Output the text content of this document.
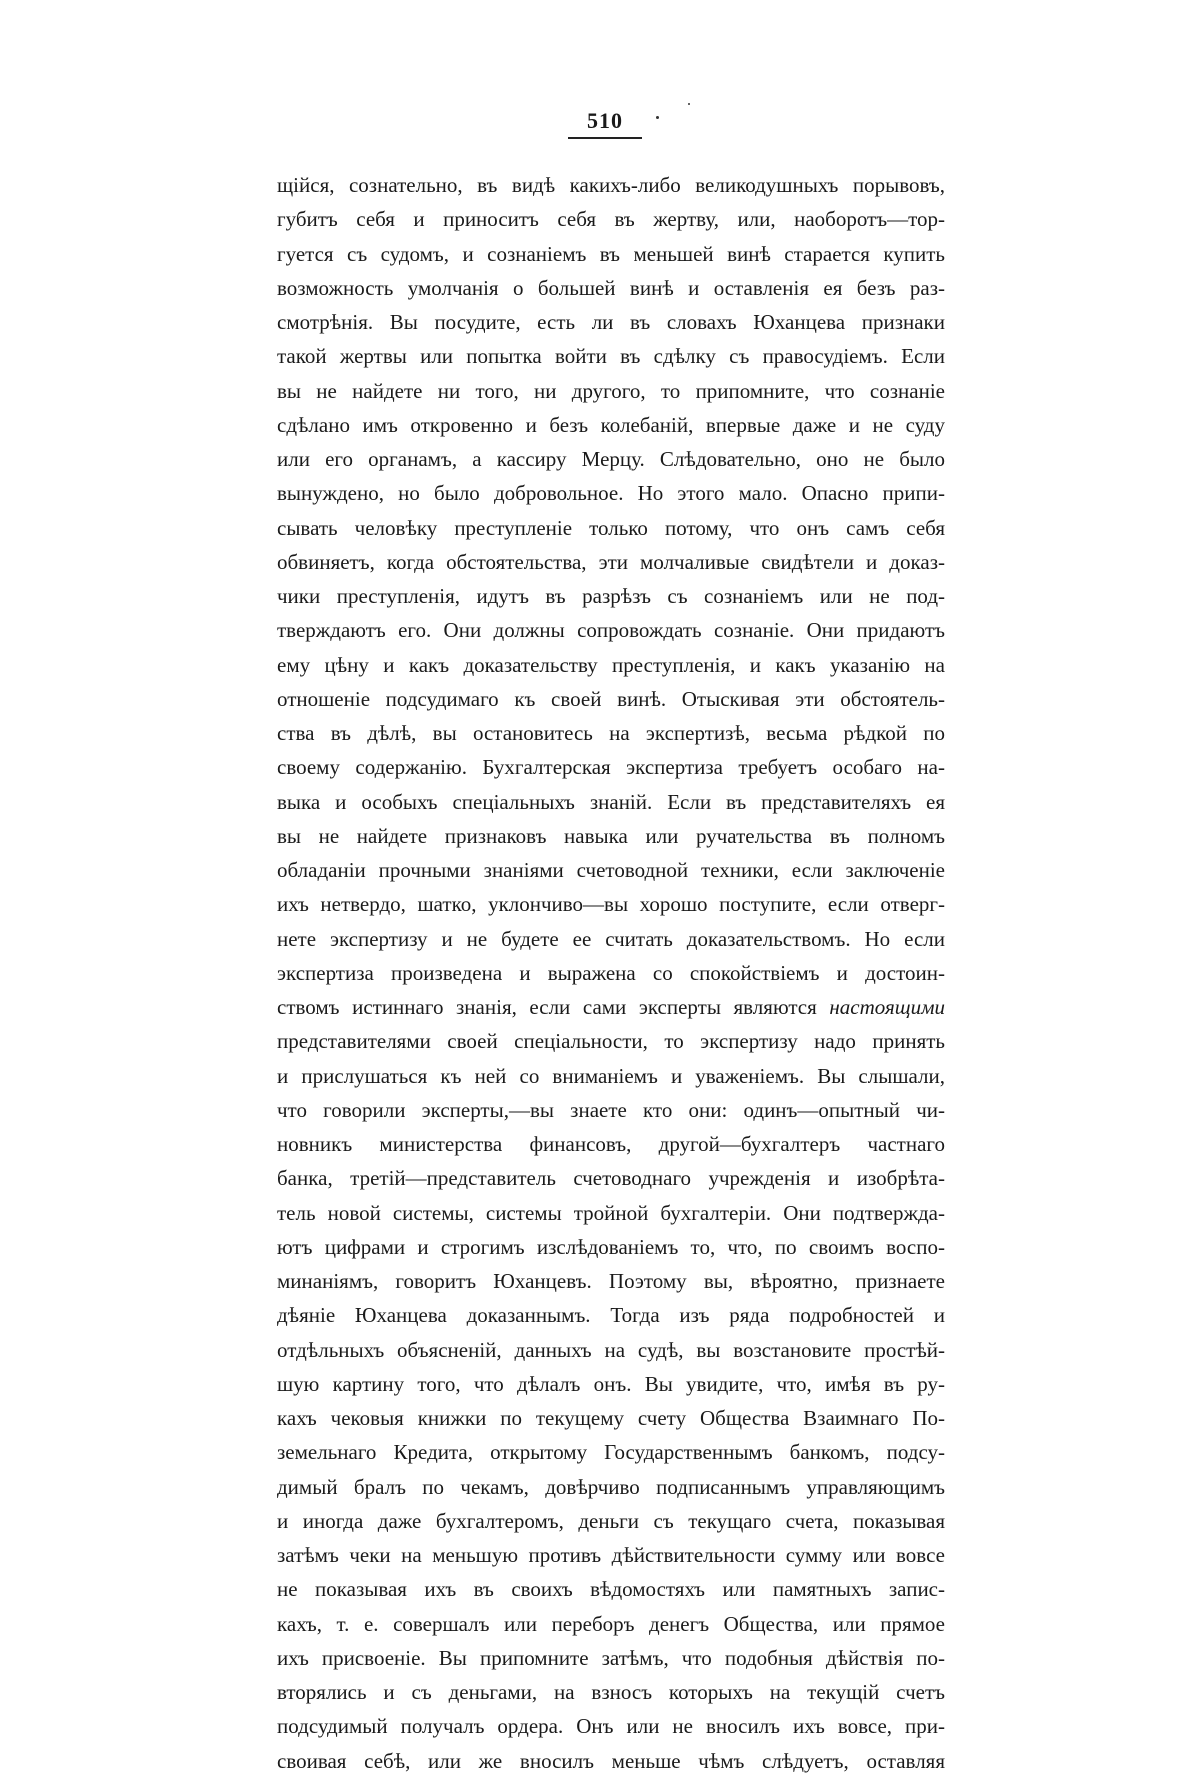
510
щійся, сознательно, въ видѣ какихъ-либо великодушныхъ порывовъ,
губитъ себя и приноситъ себя въ жертву, или, наоборотъ—тор-
гуется съ судомъ, и сознаніемъ въ меньшей винѣ старается купить
возможность умолчанія о большей винѣ и оставленія ея безъ раз-
смотрѣнія. Вы посудите, есть ли въ словахъ Юханцева признаки
такой жертвы или попытка войти въ сдѣлку съ правосудіемъ. Если
вы не найдете ни того, ни другого, то припомните, что сознаніе
сдѣлано имъ откровенно и безъ колебаній, впервые даже и не суду
или его органамъ, а кассиру Мерцу. Слѣдовательно, оно не было
вынуждено, но было добровольное. Но этого мало. Опасно припи-
сывать человѣку преступленіе только потому, что онъ самъ себя
обвиняетъ, когда обстоятельства, эти молчаливые свидѣтели и доказ-
чики преступленія, идутъ въ разрѣзъ съ сознаніемъ или не под-
тверждаютъ его. Они должны сопровождать сознаніе. Они придаютъ
ему цѣну и какъ доказательству преступленія, и какъ указанію на
отношеніе подсудимаго къ своей винѣ. Отыскивая эти обстоятель-
ства въ дѣлѣ, вы остановитесь на экспертизѣ, весьма рѣдкой по
своему содержанію. Бухгалтерская экспертиза требуетъ особаго на-
выка и особыхъ спеціальныхъ знаній. Если въ представителяхъ ея
вы не найдете признаковъ навыка или ручательства въ полномъ
обладаніи прочными знаніями счетоводной техники, если заключеніе
ихъ нетвердо, шатко, уклончиво—вы хорошо поступите, если отверг-
нете экспертизу и не будете ее считать доказательствомъ. Но если
экспертиза произведена и выражена со спокойствіемъ и достоин-
ствомъ истиннаго знанія, если сами эксперты являются настоящими
представителями своей спеціальности, то экспертизу надо принять
и прислушаться къ ней со вниманіемъ и уваженіемъ. Вы слышали,
что говорили эксперты,—вы знаете кто они: одинъ—опытный чи-
новникъ министерства финансовъ, другой—бухгалтеръ частнаго
банка, третій—представитель счетоводнаго учрежденія и изобрѣта-
тель новой системы, системы тройной бухгалтеріи. Они подтвержда-
ютъ цифрами и строгимъ изслѣдованіемъ то, что, по своимъ воспо-
минаніямъ, говоритъ Юханцевъ. Поэтому вы, вѣроятно, признаете
дѣяніе Юханцева доказаннымъ. Тогда изъ ряда подробностей и
отдѣльныхъ объясненій, данныхъ на судѣ, вы возстановите простѣй-
шую картину того, что дѣлалъ онъ. Вы увидите, что, имѣя въ ру-
кахъ чековыя книжки по текущему счету Общества Взаимнаго По-
земельнаго Кредита, открытому Государственнымъ банкомъ, подсу-
димый бралъ по чекамъ, довѣрчиво подписаннымъ управляющимъ
и иногда даже бухгалтеромъ, деньги съ текущаго счета, показывая
затѣмъ чеки на меньшую противъ дѣйствительности сумму или вовсе
не показывая ихъ въ своихъ вѣдомостяхъ или памятныхъ запис-
кахъ, т. е. совершалъ или переборъ денегъ Общества, или прямое
ихъ присвоеніе. Вы припомните затѣмъ, что подобныя дѣйствія по-
вторялись и съ деньгами, на взносъ которыхъ на текущій счетъ
подсудимый получалъ ордера. Онъ или не вносилъ ихъ вовсе, при-
своивая себѣ, или же вносилъ меньше чѣмъ слѣдуетъ, оставляя
